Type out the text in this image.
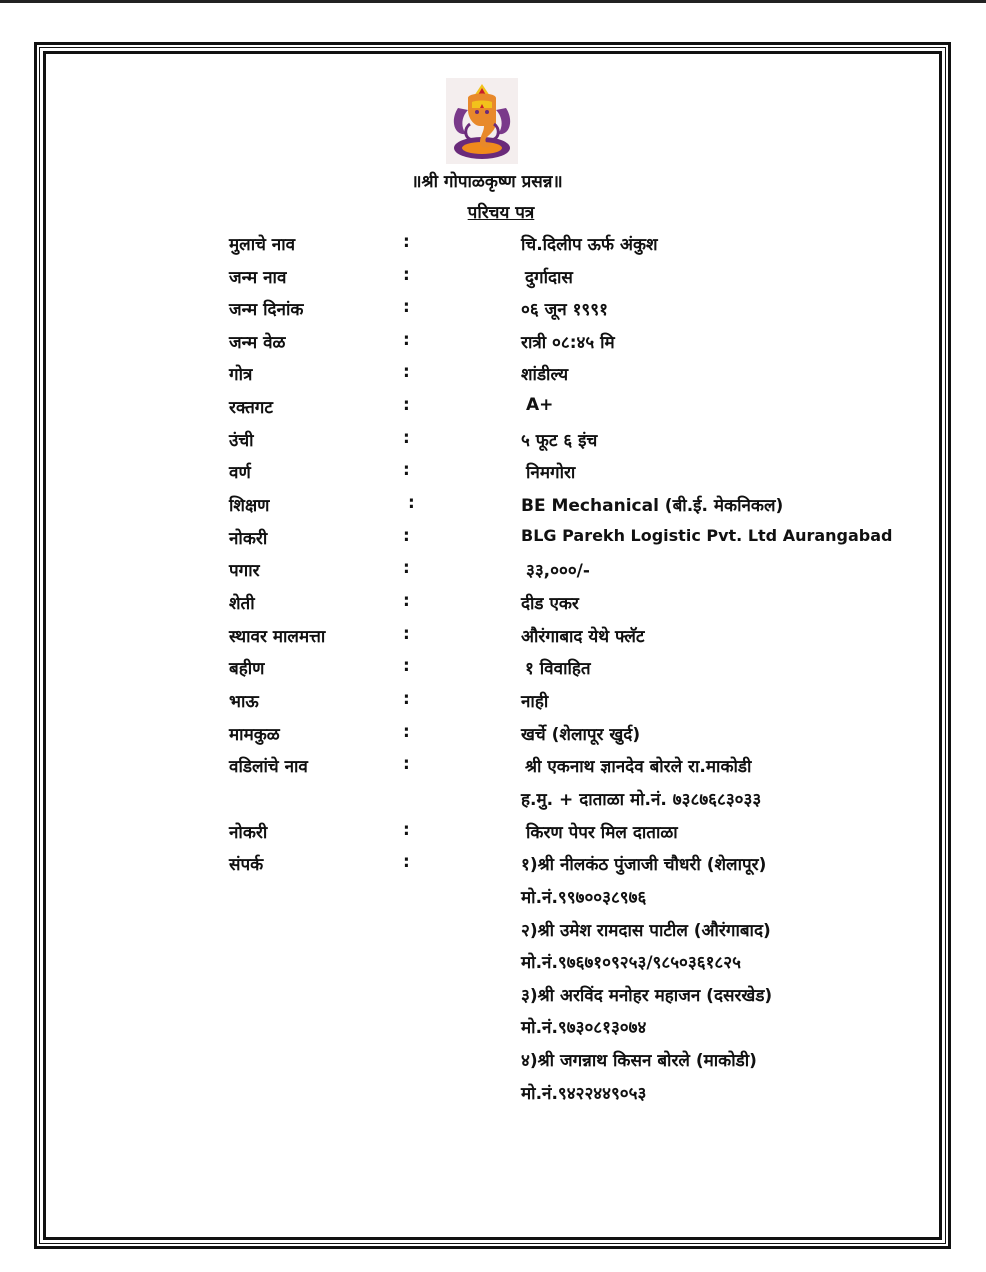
॥श्री गोपाळकृष्ण प्रसन्न॥
परिचय पत्र
मुलाचे नाव	:	चि.दिलीप ऊर्फ अंकुश
जन्म नाव	:	दुर्गादास
जन्म दिनांक	:	०६ जून १९९१
जन्म वेळ	:	रात्री ०८:४५ मि
गोत्र	:	शांडील्य
रक्तगट	:	A+
उंची	:	५ फूट ६ इंच
वर्ण	:	निमगोरा
शिक्षण	:	BE Mechanical (बी.ई. मेकनिकल)
नोकरी	:	BLG Parekh Logistic Pvt. Ltd Aurangabad
पगार	:	३३,०००/-
शेती	:	दीड एकर
स्थावर मालमत्ता	:	औरंगाबाद येथे फ्लॅट
बहीण	:	१ विवाहित
भाऊ	:	नाही
मामकुळ	:	खर्चे (शेलापूर खुर्द)
वडिलांचे नाव	:	श्री एकनाथ ज्ञानदेव बोरले रा.माकोडी
ह.मु. + दाताळा मो.नं. ७३८७६८३०३३
नोकरी	:	किरण पेपर मिल दाताळा
संपर्क	:	१)श्री नीलकंठ पुंजाजी चौधरी (शेलापूर)
मो.नं.९९७००३८९७६
२)श्री उमेश रामदास पाटील (औरंगाबाद)
मो.नं.९७६७१०९२५३/९८५०३६१८२५
३)श्री अरविंद मनोहर महाजन (दसरखेड)
मो.नं.९७३०८१३०७४
४)श्री जगन्नाथ किसन बोरले (माकोडी)
मो.नं.९४२२४४९०५३
